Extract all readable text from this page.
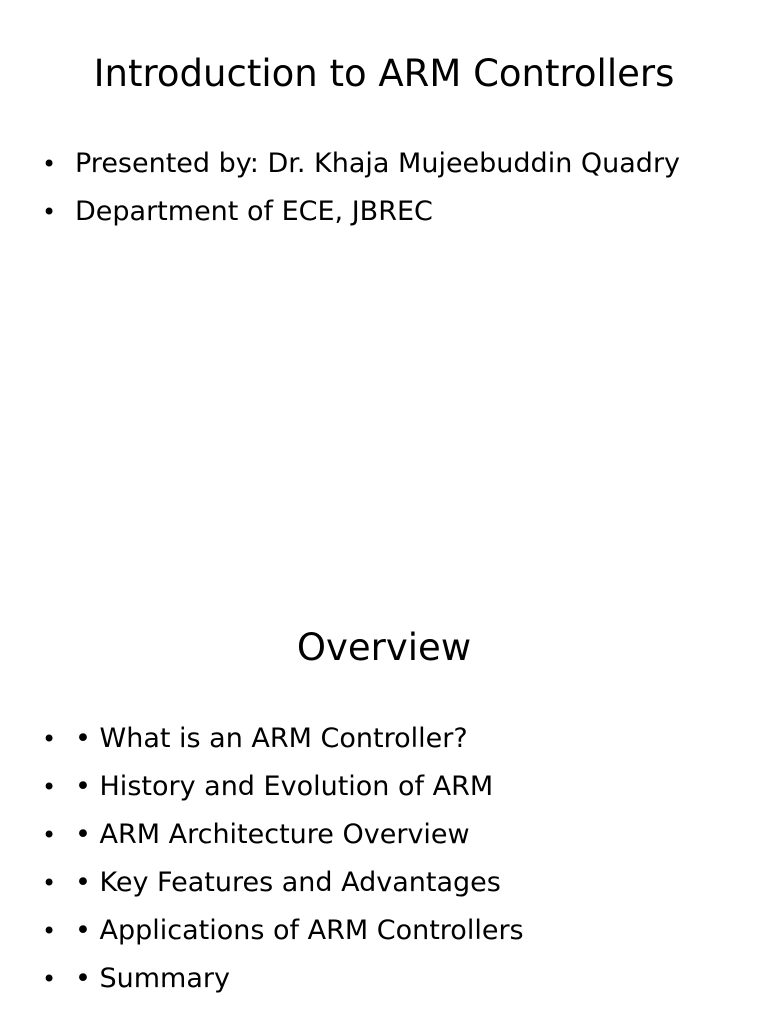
Introduction to ARM Controllers
• Presented by: Dr. Khaja Mujeebuddin Quadry
• Department of ECE, JBREC
Overview
• • What is an ARM Controller?
• • History and Evolution of ARM
• • ARM Architecture Overview
• • Key Features and Advantages
• • Applications of ARM Controllers
• • Summary
